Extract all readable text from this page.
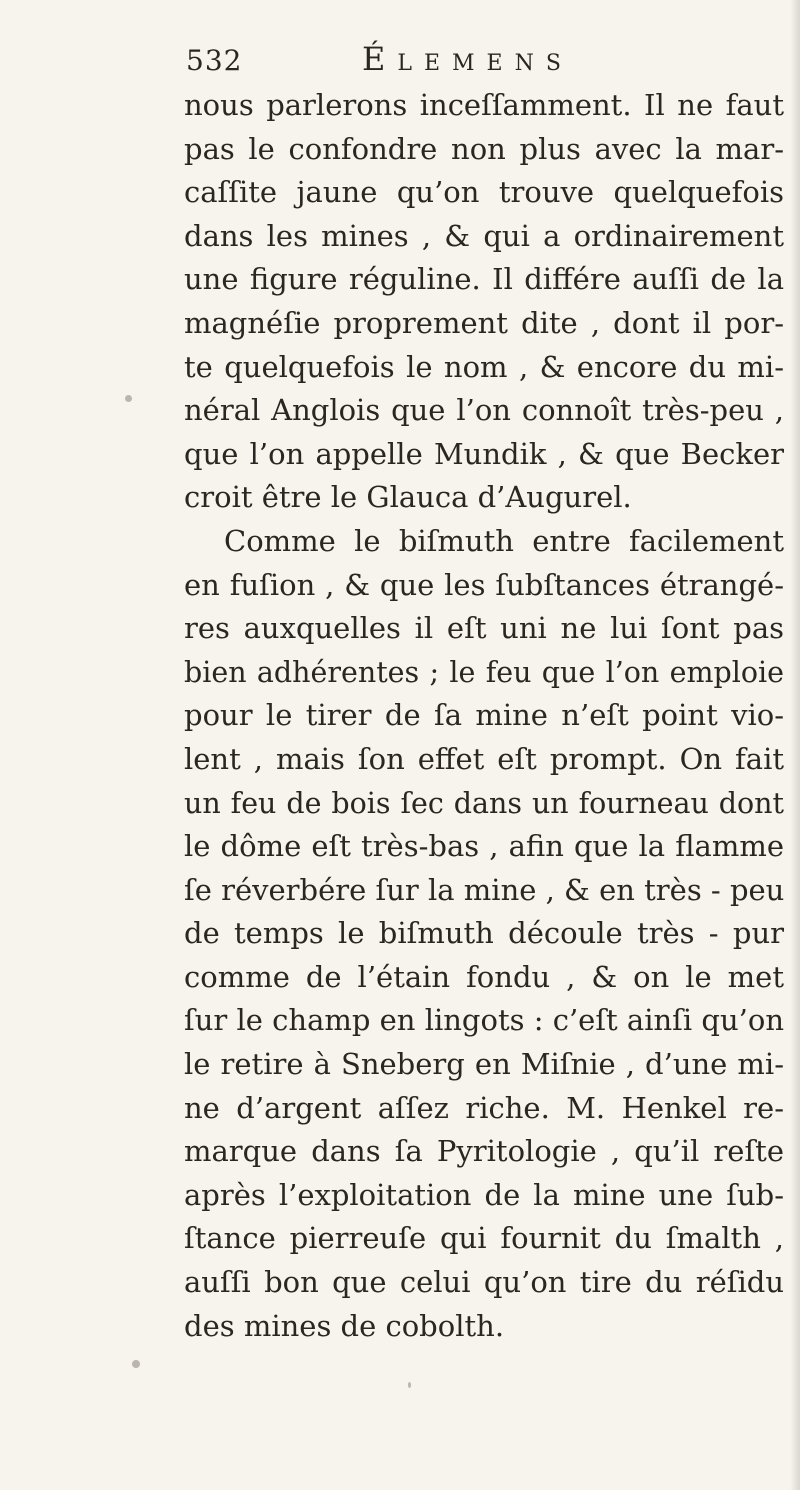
532	Élemens
nous parlerons inceſſamment. Il ne faut
pas le confondre non plus avec la mar-
caſſite jaune qu’on trouve quelquefois
dans les mines , & qui a ordinairement
une figure réguline. Il différe auſſi de la
magnéſie proprement dite , dont il por-
te quelquefois le nom , & encore du mi-
néral Anglois que l’on connoît très-peu ,
que l’on appelle Mundik , & que Becker
croit être le Glauca d’Augurel.
Comme le biſmuth entre facilement
en fuſion , & que les ſubſtances étrangé-
res auxquelles il eſt uni ne lui ſont pas
bien adhérentes ; le feu que l’on emploie
pour le tirer de ſa mine n’eſt point vio-
lent , mais ſon effet eſt prompt. On fait
un feu de bois ſec dans un fourneau dont
le dôme eſt très-bas , afin que la flamme
ſe réverbére ſur la mine , & en très - peu
de temps le biſmuth découle très - pur
comme de l’étain fondu , & on le met
ſur le champ en lingots : c’eſt ainſi qu’on
le retire à Sneberg en Miſnie , d’une mi-
ne d’argent aſſez riche. M. Henkel re-
marque dans ſa Pyritologie , qu’il reſte
après l’exploitation de la mine une ſub-
ſtance pierreuſe qui fournit du ſmalth ,
auſſi bon que celui qu’on tire du réſidu
des mines de cobolth.
